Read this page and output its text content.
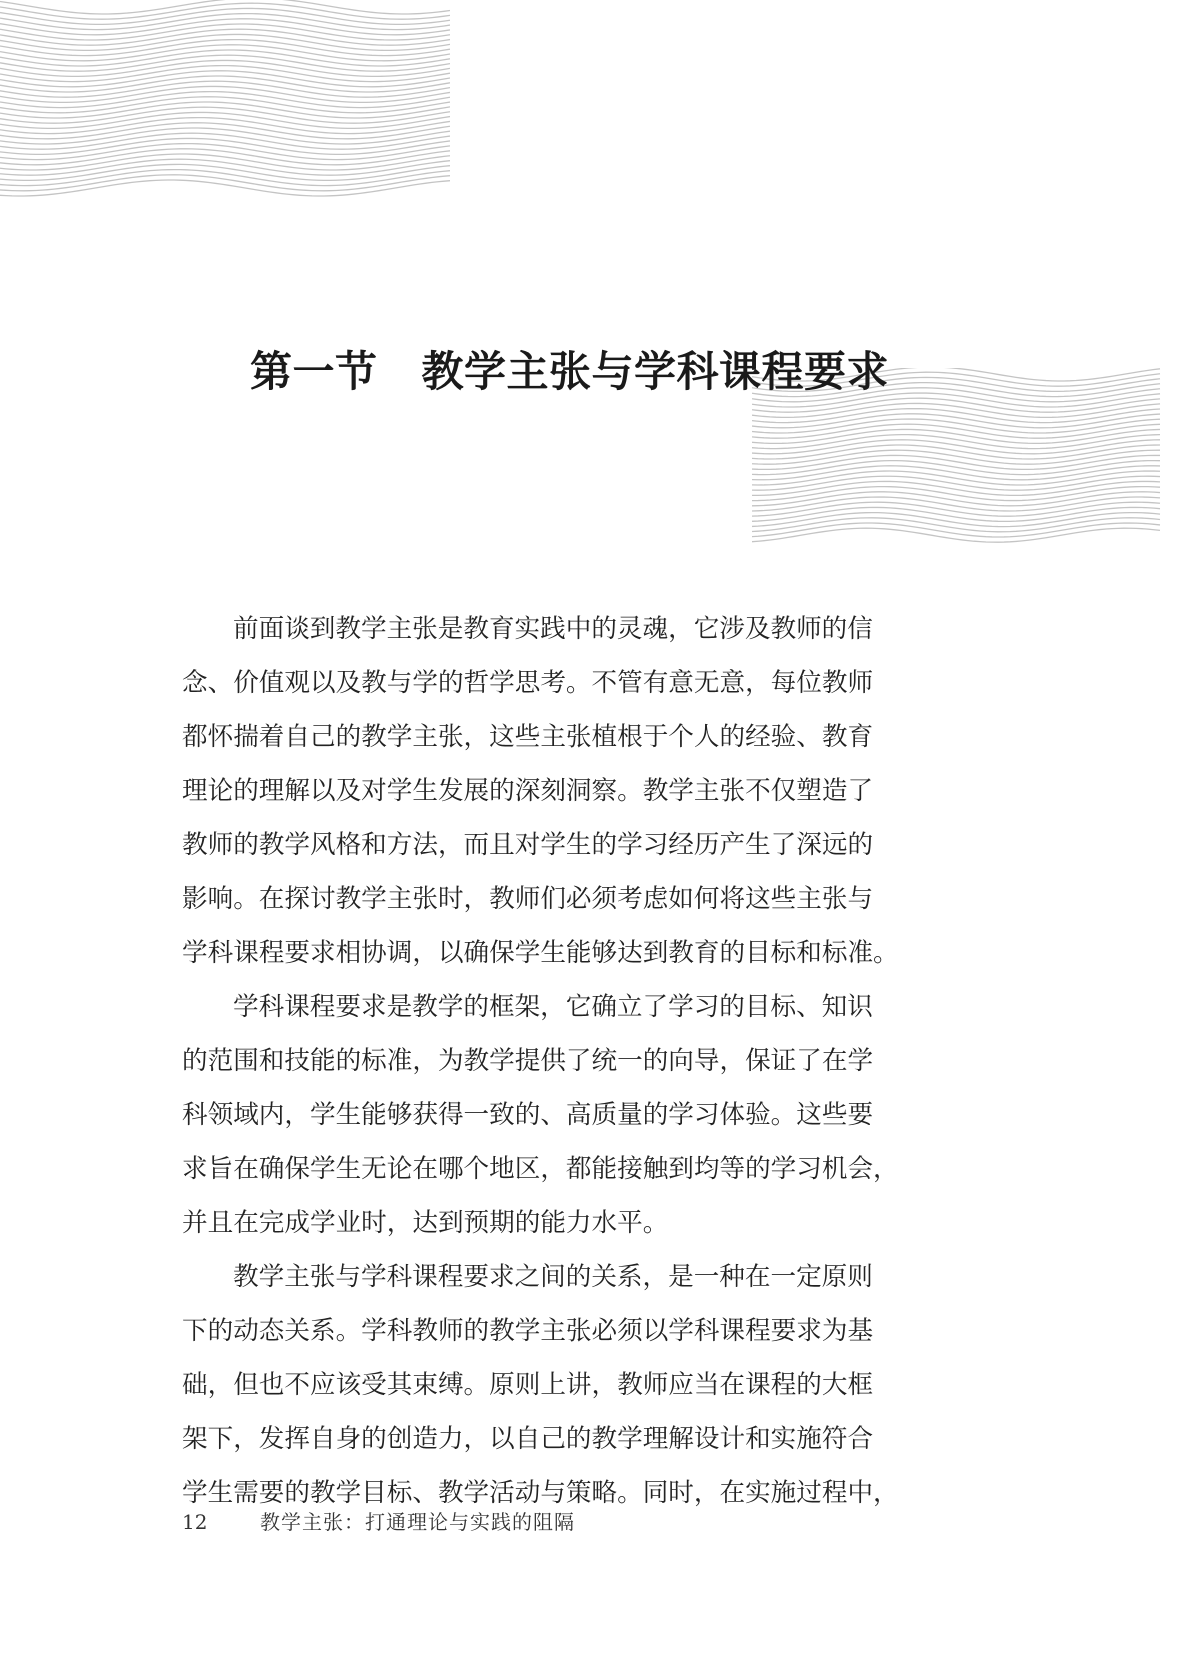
第一节 教学主张与学科课程要求
前面谈到教学主张是教育实践中的灵魂，它涉及教师的信
念、价值观以及教与学的哲学思考。不管有意无意，每位教师
都怀揣着自己的教学主张，这些主张植根于个人的经验、教育
理论的理解以及对学生发展的深刻洞察。教学主张不仅塑造了
教师的教学风格和方法，而且对学生的学习经历产生了深远的
影响。在探讨教学主张时，教师们必须考虑如何将这些主张与
学科课程要求相协调，以确保学生能够达到教育的目标和标准。
学科课程要求是教学的框架，它确立了学习的目标、知识
的范围和技能的标准，为教学提供了统一的向导，保证了在学
科领域内，学生能够获得一致的、高质量的学习体验。这些要
求旨在确保学生无论在哪个地区，都能接触到均等的学习机会，
并且在完成学业时，达到预期的能力水平。
教学主张与学科课程要求之间的关系，是一种在一定原则
下的动态关系。学科教师的教学主张必须以学科课程要求为基
础，但也不应该受其束缚。原则上讲，教师应当在课程的大框
架下，发挥自身的创造力，以自己的教学理解设计和实施符合
学生需要的教学目标、教学活动与策略。同时，在实施过程中，
12	教学主张：打通理论与实践的阻隔
